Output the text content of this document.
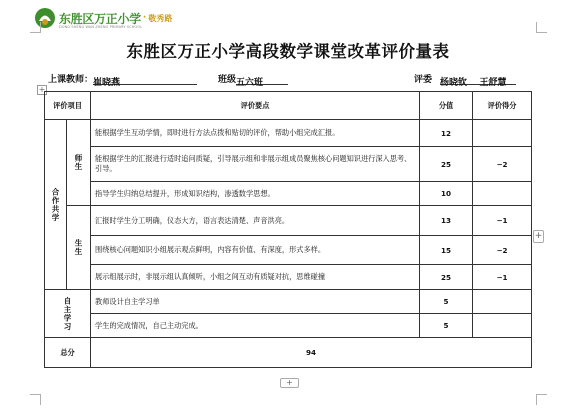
东胜区万正小学 · 敬秀路
DONG SHENG WAN ZHENG PRIMARY SCHOOL
东胜区万正小学高段数学课堂改革评价量表
上课教师：崔晓燕	班级五六班	评委 杨晓钦    王舒慧
+
评价项目		评价要点	分值	评价得分
合作共学	师生	能根据学生互动学情，即时进行方法点拨和贴切的评价，帮助小组完成汇报。	12	
		能根据学生的汇报进行适时追问质疑，引导展示组和非展示组成员聚焦核心问题知识进行深入思考、引导。	25	−2
		指导学生归纳总结提升，形成知识结构，渗透数学思想。	10	
	生生	汇报时学生分工明确，仪态大方，语言表达清楚、声音洪亮。	13	−1
		围绕核心问题知识小组展示观点鲜明，内容有价值、有深度，形式多样。	15	−2
		展示组展示时，非展示组认真倾听，小组之间互动有质疑对抗，思维碰撞	25	−1
自主学习		教师设计自主学习单	5	
		学生的完成情况，自己主动完成。	5	
总分		94		
+
+
